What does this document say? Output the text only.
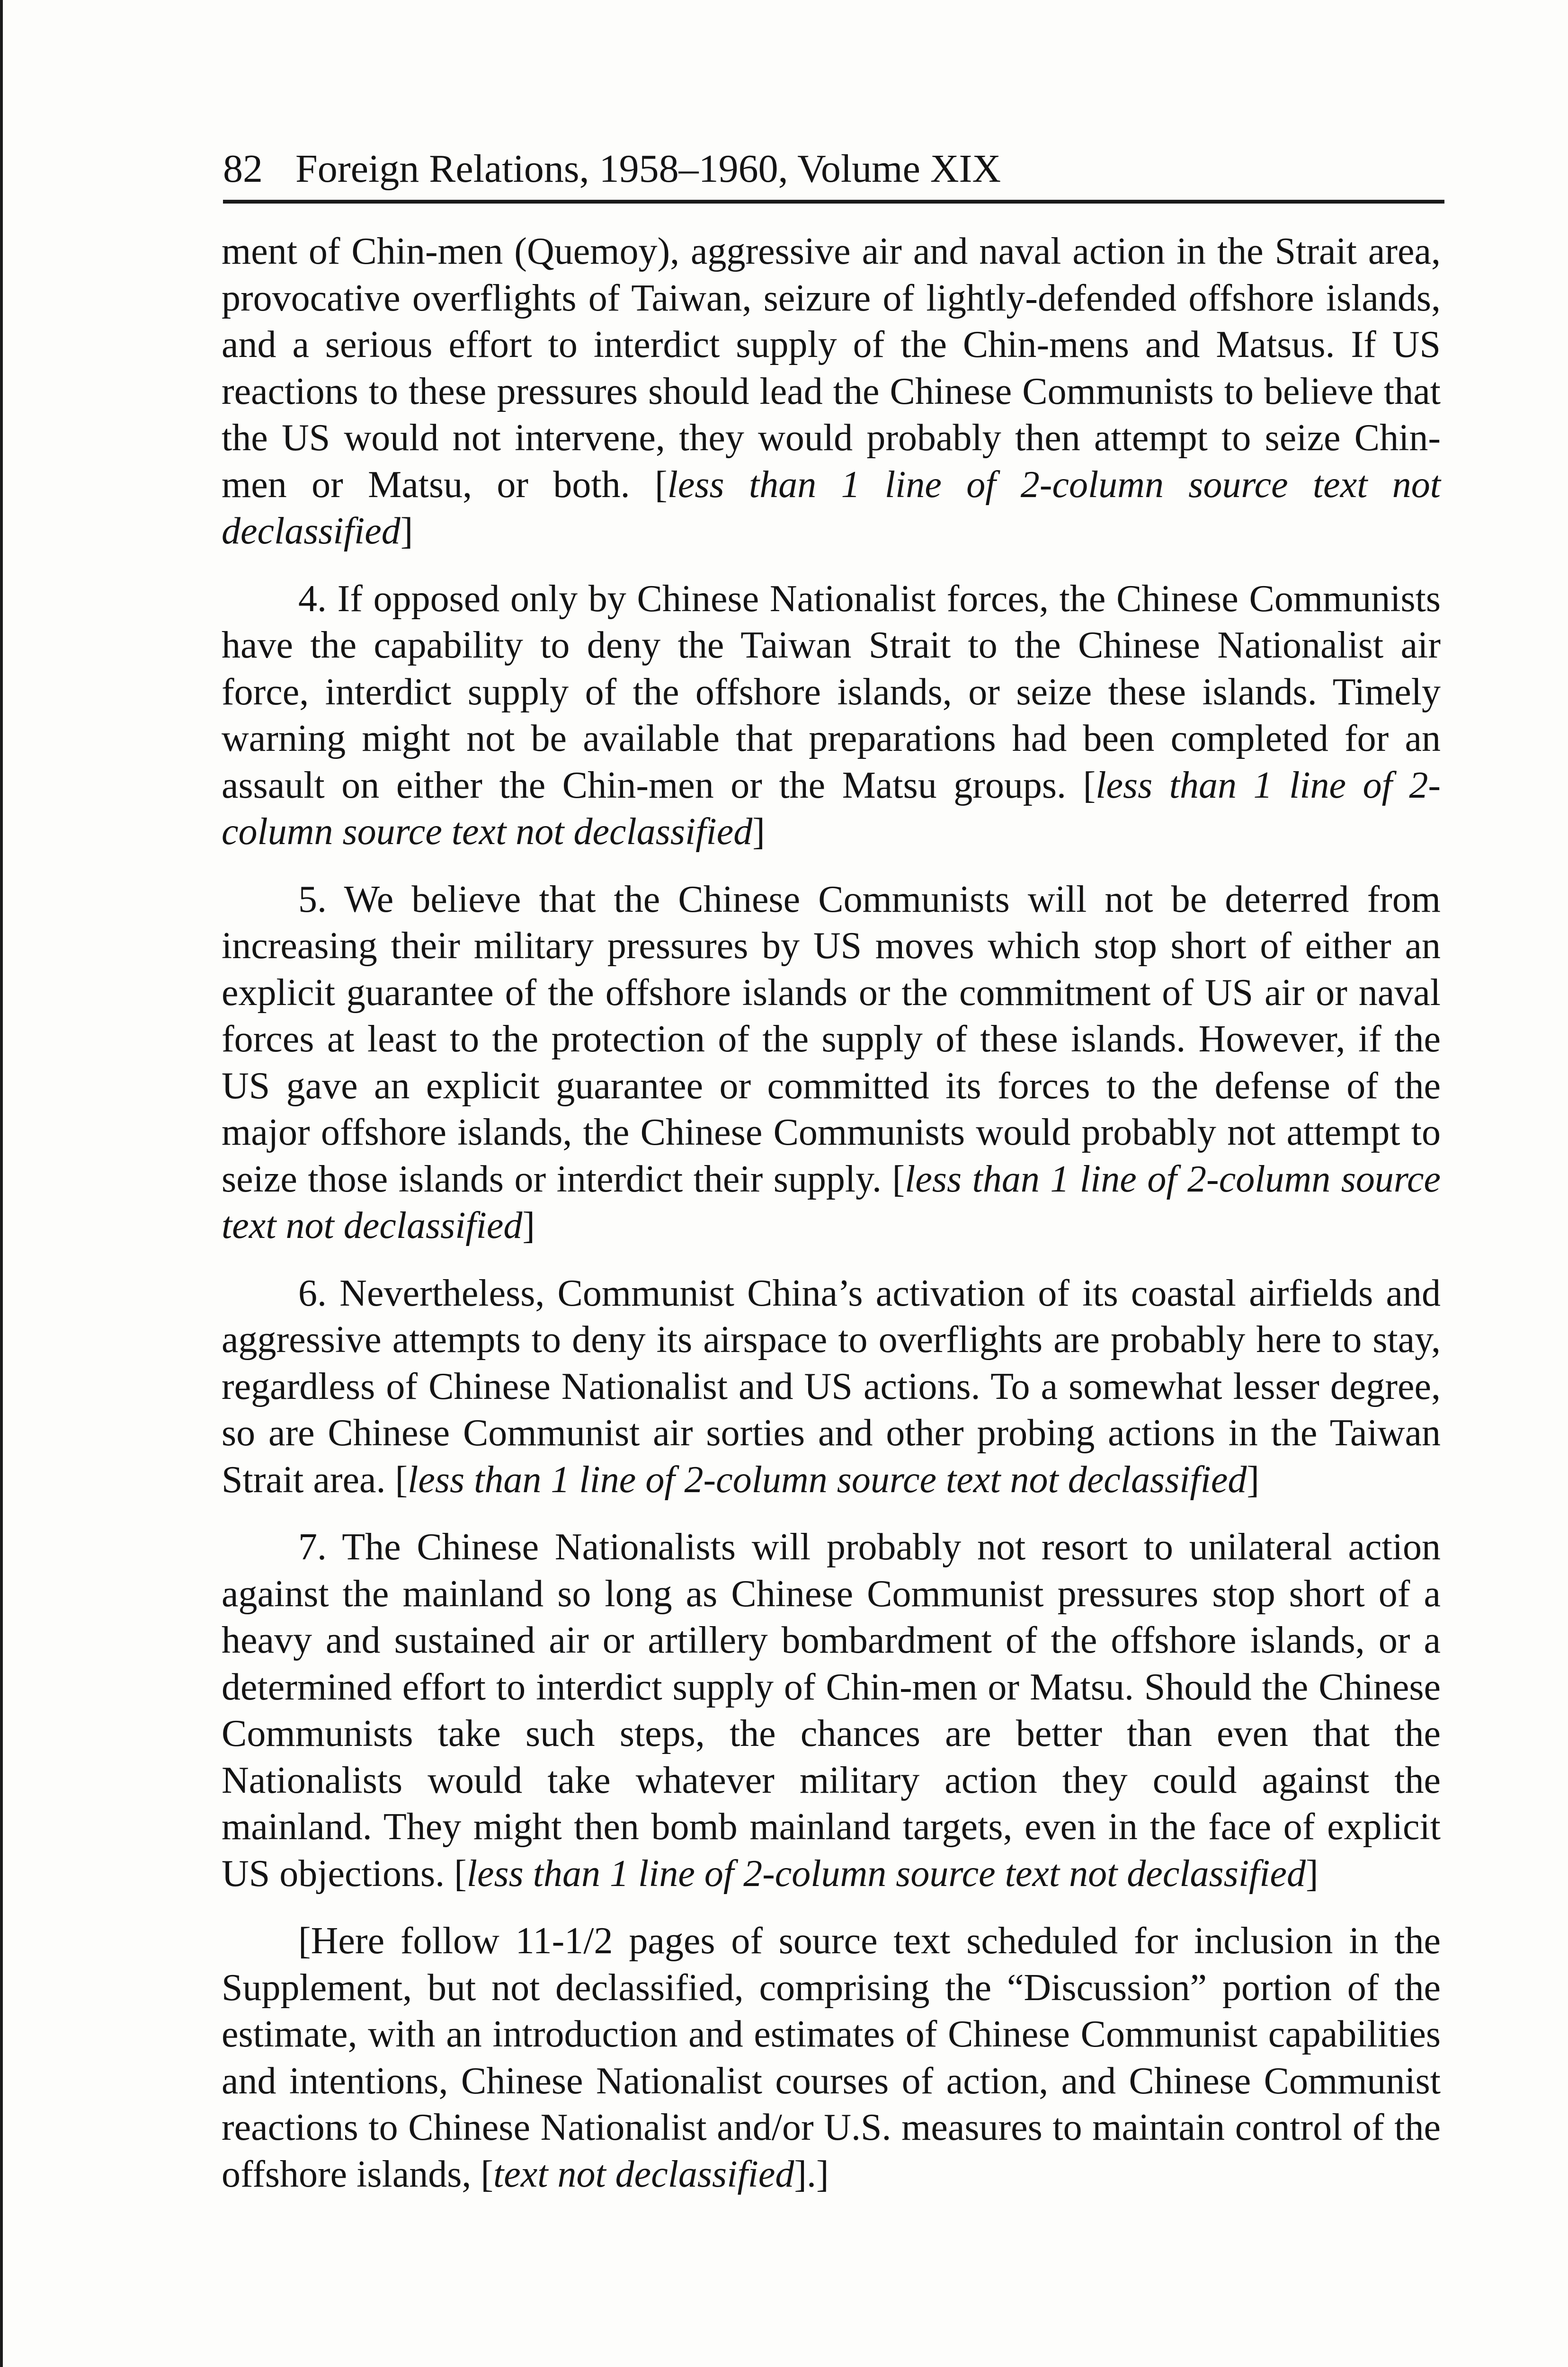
82 Foreign Relations, 1958–1960, Volume XIX

ment of Chin-men (Quemoy), aggressive air and naval action in the Strait area, provocative overflights of Taiwan, seizure of lightly-defended offshore islands, and a serious effort to interdict supply of the Chin-mens and Matsus. If US reactions to these pressures should lead the Chinese Communists to believe that the US would not intervene, they would probably then attempt to seize Chin-men or Matsu, or both. [less than 1 line of 2-column source text not declassified]

4. If opposed only by Chinese Nationalist forces, the Chinese Communists have the capability to deny the Taiwan Strait to the Chinese Nationalist air force, interdict supply of the offshore islands, or seize these islands. Timely warning might not be available that preparations had been completed for an assault on either the Chin-men or the Matsu groups. [less than 1 line of 2-column source text not declassified]

5. We believe that the Chinese Communists will not be deterred from increasing their military pressures by US moves which stop short of either an explicit guarantee of the offshore islands or the commitment of US air or naval forces at least to the protection of the supply of these islands. However, if the US gave an explicit guarantee or committed its forces to the defense of the major offshore islands, the Chinese Communists would probably not attempt to seize those islands or interdict their supply. [less than 1 line of 2-column source text not declassified]

6. Nevertheless, Communist China’s activation of its coastal airfields and aggressive attempts to deny its airspace to overflights are probably here to stay, regardless of Chinese Nationalist and US actions. To a somewhat lesser degree, so are Chinese Communist air sorties and other probing actions in the Taiwan Strait area. [less than 1 line of 2-column source text not declassified]

7. The Chinese Nationalists will probably not resort to unilateral action against the mainland so long as Chinese Communist pressures stop short of a heavy and sustained air or artillery bombardment of the offshore islands, or a determined effort to interdict supply of Chin-men or Matsu. Should the Chinese Communists take such steps, the chances are better than even that the Nationalists would take whatever military action they could against the mainland. They might then bomb mainland targets, even in the face of explicit US objections. [less than 1 line of 2-column source text not declassified]

[Here follow 11-1/2 pages of source text scheduled for inclusion in the Supplement, but not declassified, comprising the “Discussion” portion of the estimate, with an introduction and estimates of Chinese Communist capabilities and intentions, Chinese Nationalist courses of action, and Chinese Communist reactions to Chinese Nationalist and/or U.S. measures to maintain control of the offshore islands, [text not declassified].]
